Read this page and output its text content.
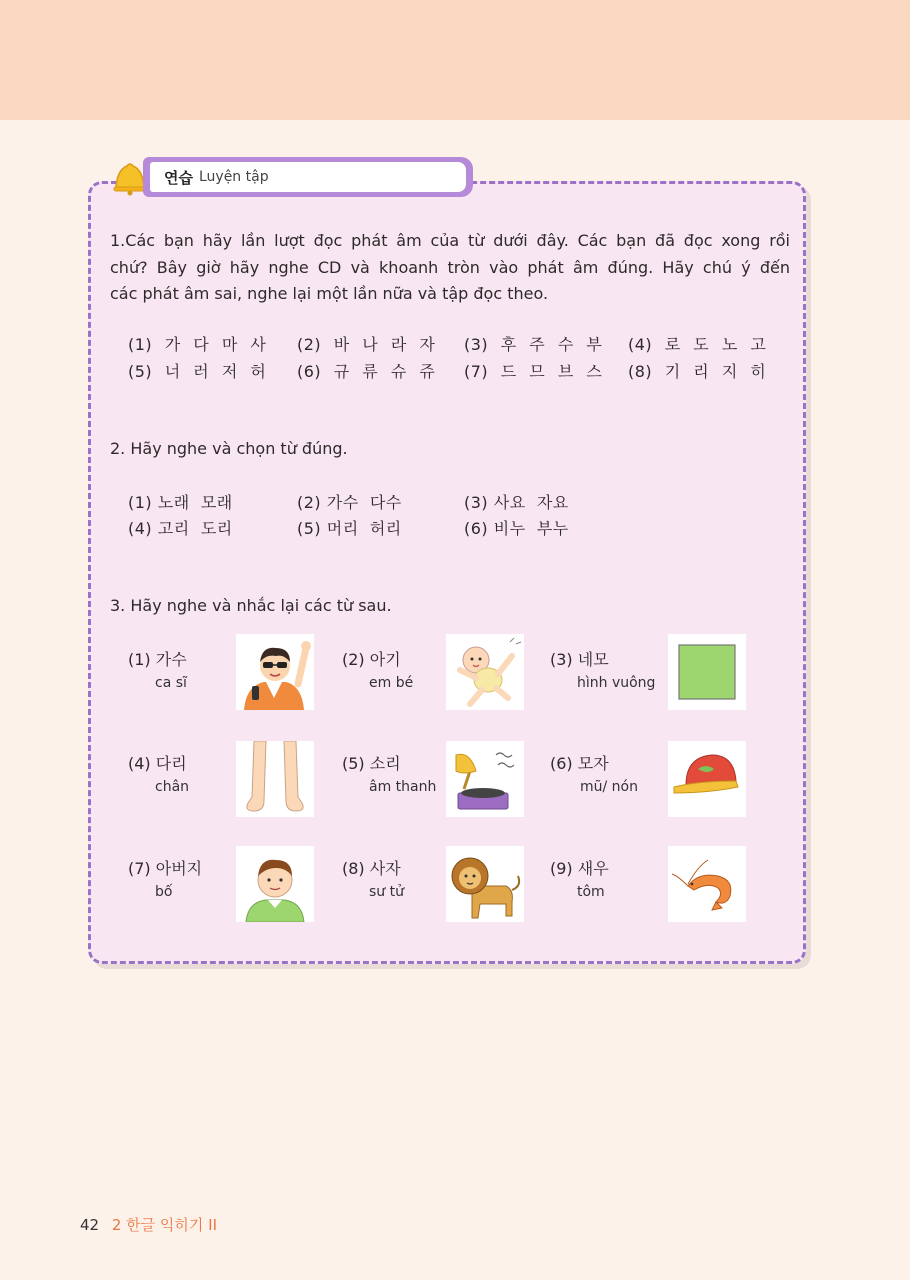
연습 Luyện tập
1.Các bạn hãy lần lượt đọc phát âm của từ dưới đây. Các bạn đã đọc xong rồi
chứ? Bây giờ hãy nghe CD và khoanh tròn vào phát âm đúng. Hãy chú ý đến
các phát âm sai, nghe lại một lần nữa và tập đọc theo.
(1) 가 다 마 사 (2) 바 나 라 자 (3) 후 주 수 부 (4) 로 도 노 고
(5) 너 러 저 허 (6) 규 류 슈 쥬 (7) 드 므 브 스 (8) 기 리 지 히
2. Hãy nghe và chọn từ đúng.
(1) 노래  모래	(2) 가수  다수	(3) 사요  자요
(4) 고리  도리	(5) 머리  허리	(6) 비누  부누
3. Hãy nghe và nhắc lại các từ sau.
(1) 가수
ca sĩ
(2) 아기
em bé
(3) 네모
hình vuông
(4) 다리
chân
(5) 소리
âm thanh
(6) 모자
mũ/ nón
(7) 아버지
bố
(8) 사자
sư tử
(9) 새우
tôm
42 2 한글 익히기 II
